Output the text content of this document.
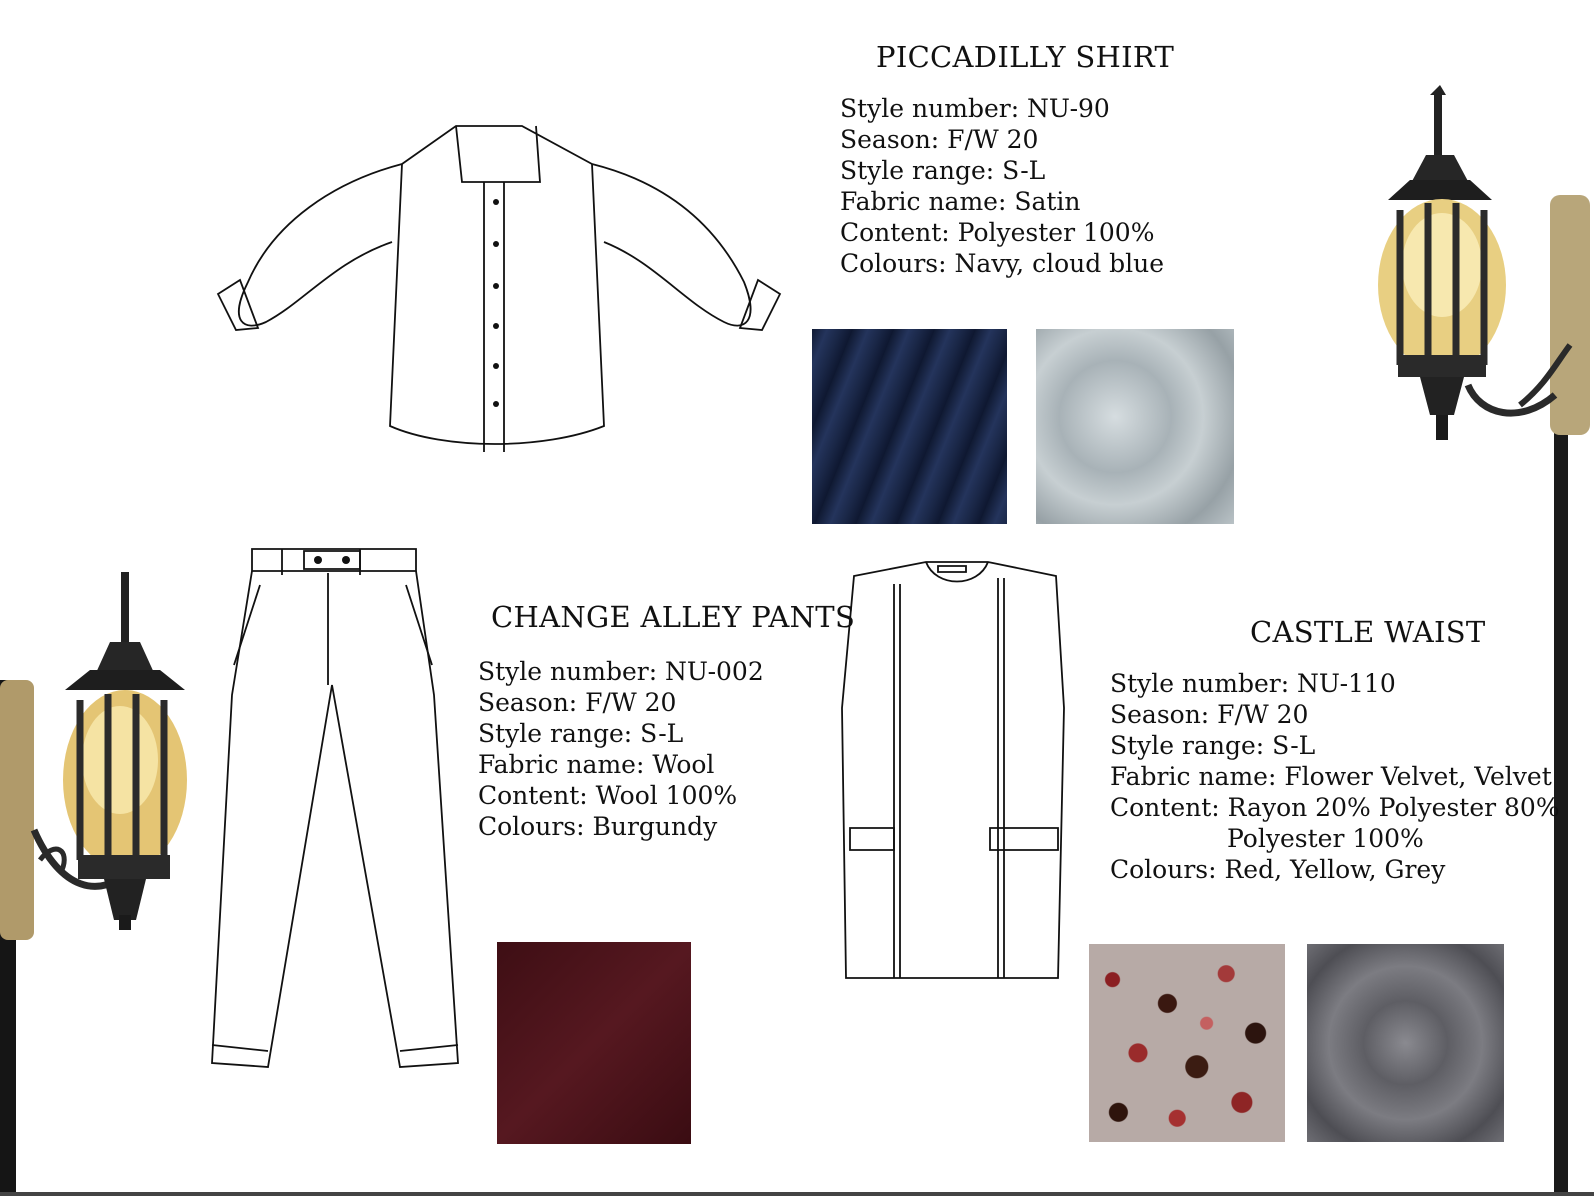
PICCADILLY SHIRT
Style number: NU-90
Season: F/W 20
Style range: S-L
Fabric name: Satin
Content: Polyester 100%
Colours: Navy, cloud blue
CHANGE ALLEY PANTS
Style number: NU-002
Season: F/W 20
Style range: S-L
Fabric name: Wool
Content: Wool 100%
Colours: Burgundy
CASTLE WAIST
Style number: NU-110
Season: F/W 20
Style range: S-L
Fabric name: Flower Velvet, Velvet
Content: Rayon 20% Polyester 80%
Polyester 100%
Colours: Red, Yellow, Grey
